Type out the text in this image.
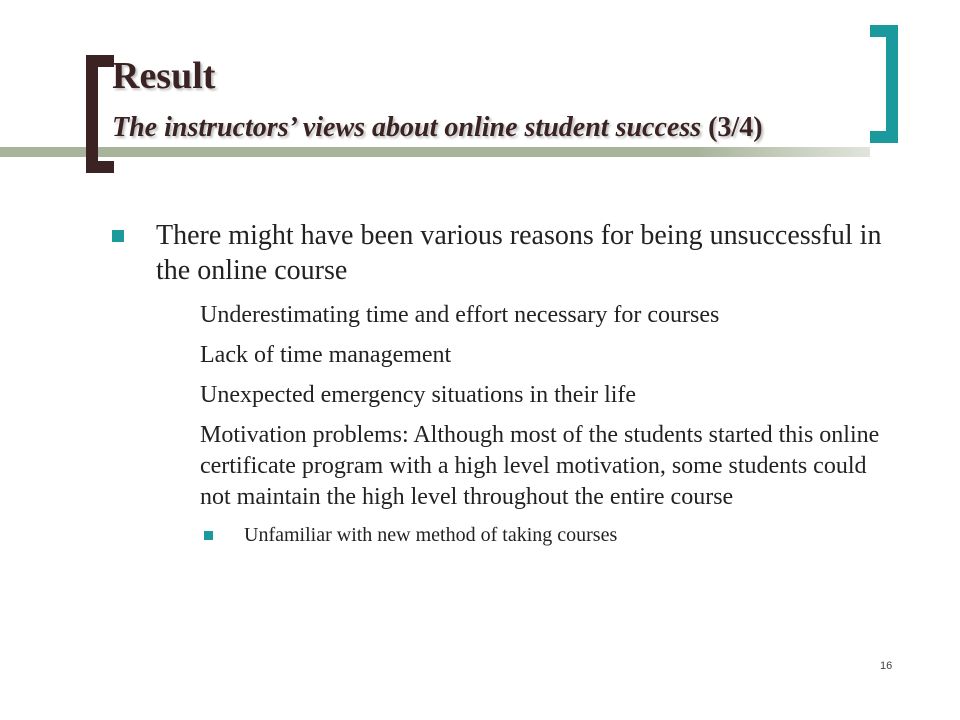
Result
The instructors’ views about online student success (3/4)
There might have been various reasons for being unsuccessful in the online course
Underestimating time and effort necessary for courses
Lack of time management
Unexpected emergency situations in their life
Motivation problems: Although most of the students started this online certificate program with a high level motivation, some students could not maintain the high level throughout the entire course
Unfamiliar with new method of taking courses
16
